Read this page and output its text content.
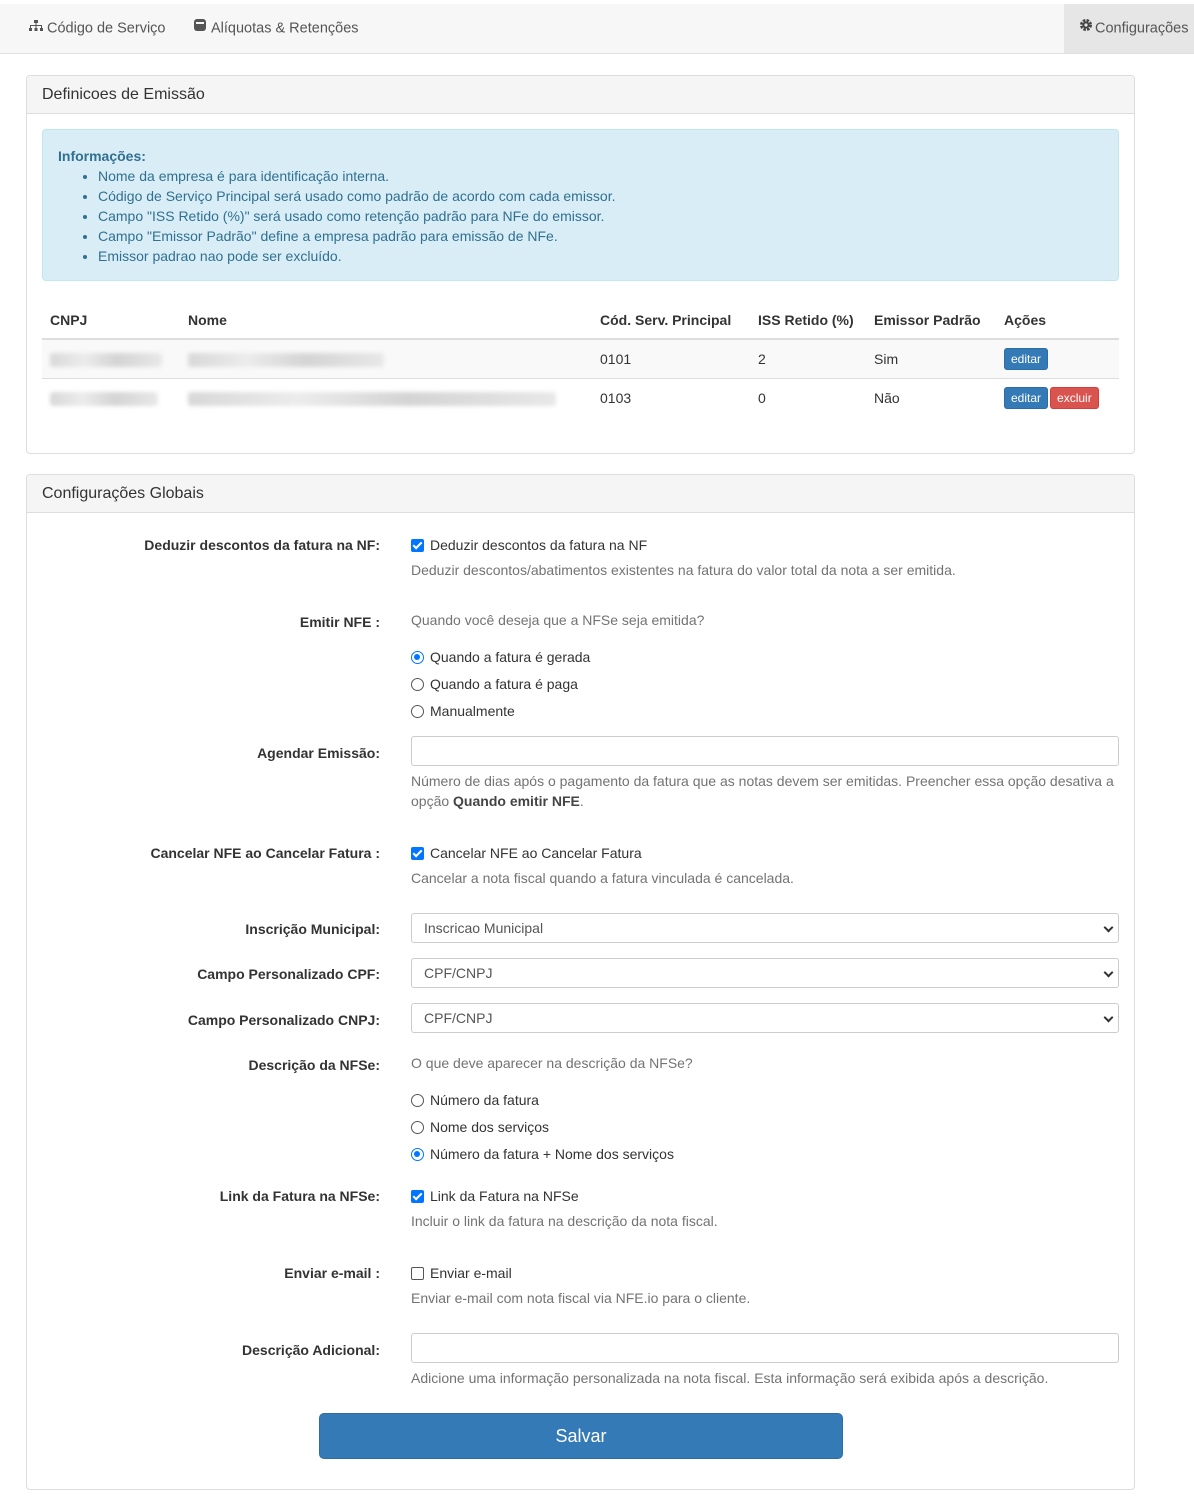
Código de Serviço	Alíquotas & Retenções	Configurações
Definicoes de Emissão
Informações:
• Nome da empresa é para identificação interna.
• Código de Serviço Principal será usado como padrão de acordo com cada emissor.
• Campo "ISS Retido (%)" será usado como retenção padrão para NFe do emissor.
• Campo "Emissor Padrão" define a empresa padrão para emissão de NFe.
• Emissor padrao nao pode ser excluído.
CNPJ	Nome	Cód. Serv. Principal	ISS Retido (%)	Emissor Padrão	Ações
		0101	2	Sim	editar
		0103	0	Não	editar excluir
Configurações Globais
Deduzir descontos da fatura na NF:	Deduzir descontos da fatura na NF
Deduzir descontos/abatimentos existentes na fatura do valor total da nota a ser emitida.
Emitir NFE : Quando você deseja que a NFSe seja emitida?
Quando a fatura é gerada
Quando a fatura é paga
Manualmente
Agendar Emissão:
Número de dias após o pagamento da fatura que as notas devem ser emitidas. Preencher essa opção desativa a opção Quando emitir NFE.
Cancelar NFE ao Cancelar Fatura :	Cancelar NFE ao Cancelar Fatura
Cancelar a nota fiscal quando a fatura vinculada é cancelada.
Inscrição Municipal:	Inscricao Municipal
Campo Personalizado CPF:	CPF/CNPJ
Campo Personalizado CNPJ:	CPF/CNPJ
Descrição da NFSe: O que deve aparecer na descrição da NFSe?
Número da fatura
Nome dos serviços
Número da fatura + Nome dos serviços
Link da Fatura na NFSe:	Link da Fatura na NFSe
Incluir o link da fatura na descrição da nota fiscal.
Enviar e-mail :	Enviar e-mail
Enviar e-mail com nota fiscal via NFE.io para o cliente.
Descrição Adicional:
Adicione uma informação personalizada na nota fiscal. Esta informação será exibida após a descrição.
Salvar
